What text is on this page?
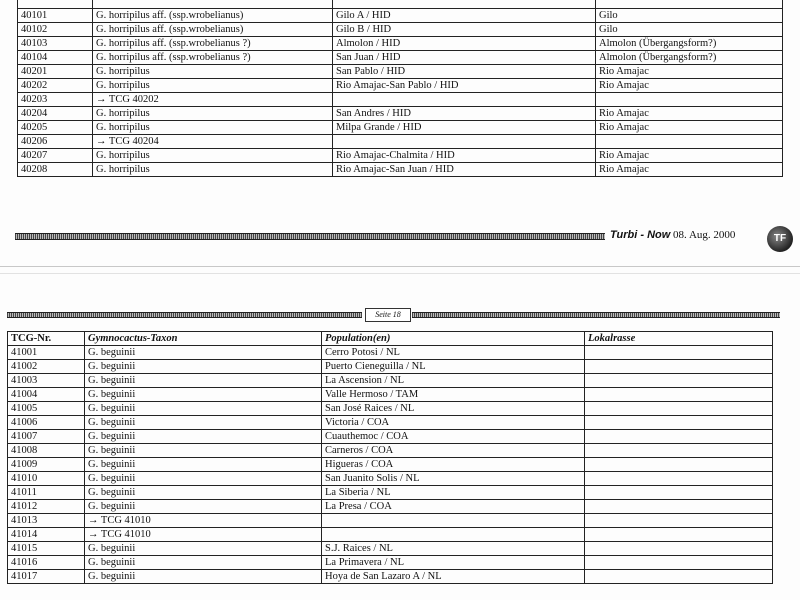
40101	G. horripilus aff. (ssp.wrobelianus)	Gilo A / HID	Gilo
40102	G. horripilus aff. (ssp.wrobelianus)	Gilo B / HID	Gilo
40103	G. horripilus aff. (ssp.wrobelianus ?)	Almolon / HID	Almolon (Übergangsform?)
40104	G. horripilus aff. (ssp.wrobelianus ?)	San Juan / HID	Almolon (Übergangsform?)
40201	G. horripilus	San Pablo / HID	Rio Amajac
40202	G. horripilus	Rio Amajac-San Pablo / HID	Rio Amajac
40203	→ TCG 40202		
40204	G. horripilus	San Andres / HID	Rio Amajac
40205	G. horripilus	Milpa Grande / HID	Rio Amajac
40206	→ TCG 40204		
40207	G. horripilus	Rio Amajac-Chalmita / HID	Rio Amajac
40208	G. horripilus	Rio Amajac-San Juan / HID	Rio Amajac
Turbi - Now 08. Aug. 2000	TF
Seite 18
TCG-Nr.	Gymnocactus-Taxon	Population(en)	Lokalrasse
41001	G. beguinii	Cerro Potosi / NL	
41002	G. beguinii	Puerto Cieneguilla / NL	
41003	G. beguinii	La Ascension / NL	
41004	G. beguinii	Valle Hermoso / TAM	
41005	G. beguinii	San José Raices / NL	
41006	G. beguinii	Victoria / COA	
41007	G. beguinii	Cuauthemoc / COA	
41008	G. beguinii	Carneros / COA	
41009	G. beguinii	Higueras / COA	
41010	G. beguinii	San Juanito Solis / NL	
41011	G. beguinii	La Siberia / NL	
41012	G. beguinii	La Presa / COA	
41013	→ TCG 41010		
41014	→ TCG 41010		
41015	G. beguinii	S.J. Raices / NL	
41016	G. beguinii	La Primavera / NL	
41017	G. beguinii	Hoya de San Lazaro A / NL	
